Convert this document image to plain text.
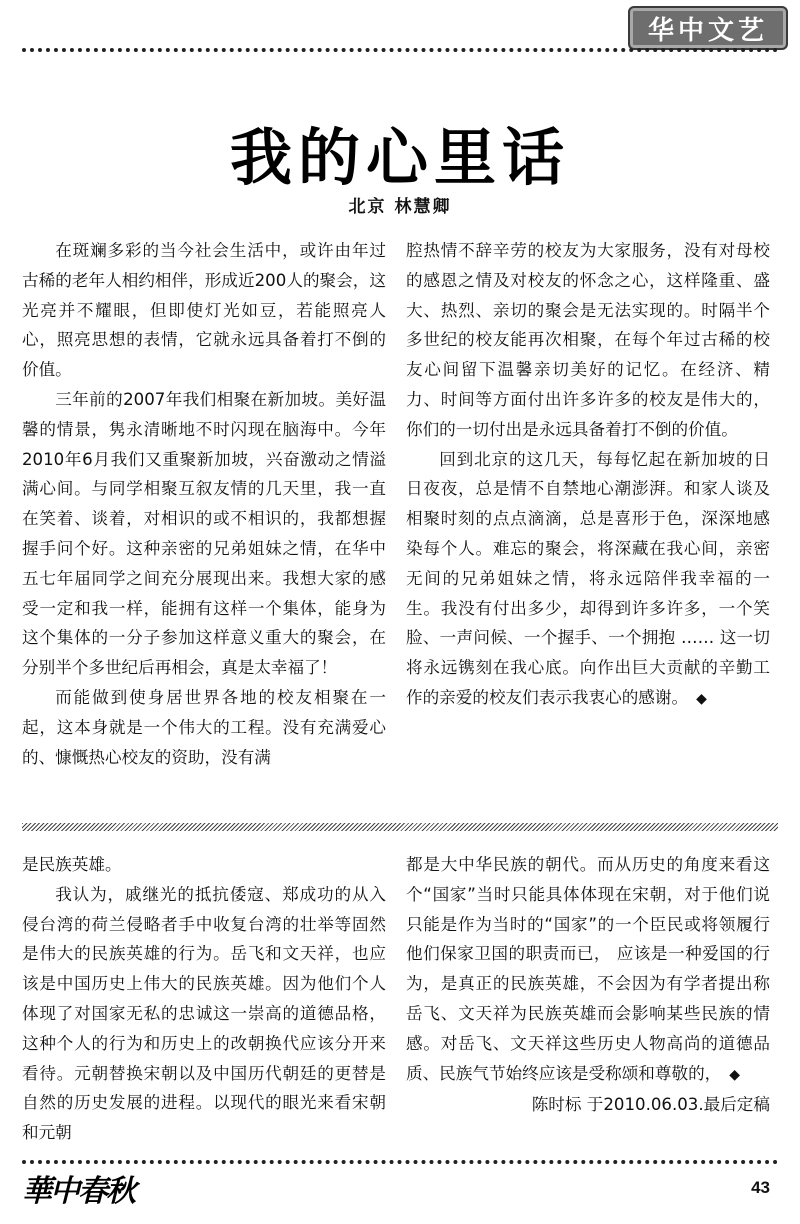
华中文艺
我的心里话
北京 林慧卿

在斑斓多彩的当今社会生活中，或许由年过古稀的老年人相约相伴，形成近200人的聚会，这光亮并不耀眼，但即使灯光如豆，若能照亮人心，照亮思想的表情，它就永远具备着打不倒的价值。

三年前的2007年我们相聚在新加坡。美好温馨的情景，隽永清晰地不时闪现在脑海中。今年2010年6月我们又重聚新加坡，兴奋激动之情溢满心间。与同学相聚互叙友情的几天里，我一直在笑着、谈着，对相识的或不相识的，我都想握握手问个好。这种亲密的兄弟姐妹之情，在华中五七年届同学之间充分展现出来。我想大家的感受一定和我一样，能拥有这样一个集体，能身为这个集体的一分子参加这样意义重大的聚会，在分别半个多世纪后再相会，真是太幸福了！

而能做到使身居世界各地的校友相聚在一起，这本身就是一个伟大的工程。没有充满爱心的、慷慨热心校友的资助，没有满

腔热情不辞辛劳的校友为大家服务，没有对母校的感恩之情及对校友的怀念之心，这样隆重、盛大、热烈、亲切的聚会是无法实现的。时隔半个多世纪的校友能再次相聚，在每个年过古稀的校友心间留下温馨亲切美好的记忆。在经济、精力、时间等方面付出许多许多的校友是伟大的，你们的一切付出是永远具备着打不倒的价值。

回到北京的这几天，每每忆起在新加坡的日日夜夜，总是情不自禁地心潮澎湃。和家人谈及相聚时刻的点点滴滴，总是喜形于色，深深地感染每个人。难忘的聚会，将深藏在我心间，亲密无间的兄弟姐妹之情，将永远陪伴我幸福的一生。我没有付出多少，却得到许多许多，一个笑脸、一声问候、一个握手、一个拥抱 …… 这一切将永远镌刻在我心底。向作出巨大贡献的辛勤工作的亲爱的校友们表示我衷心的感谢。 ◆

是民族英雄。

我认为，戚继光的抵抗倭寇、郑成功的从入侵台湾的荷兰侵略者手中收复台湾的壮举等固然是伟大的民族英雄的行为。岳飞和文天祥，也应该是中国历史上伟大的民族英雄。因为他们个人体现了对国家无私的忠诚这一崇高的道德品格，这种个人的行为和历史上的改朝换代应该分开来看待。元朝替换宋朝以及中国历代朝廷的更替是自然的历史发展的进程。以现代的眼光来看宋朝和元朝

都是大中华民族的朝代。而从历史的角度来看这个“国家”当时只能具体体现在宋朝，对于他们说只能是作为当时的“国家”的一个臣民或将领履行他们保家卫国的职责而已， 应该是一种爱国的行为，是真正的民族英雄，不会因为有学者提出称岳飞、文天祥为民族英雄而会影响某些民族的情感。对岳飞、文天祥这些历史人物高尚的道德品质、民族气节始终应该是受称颂和尊敬的， ◆

陈时标 于2010.06.03.最后定稿

華中春秋	43
